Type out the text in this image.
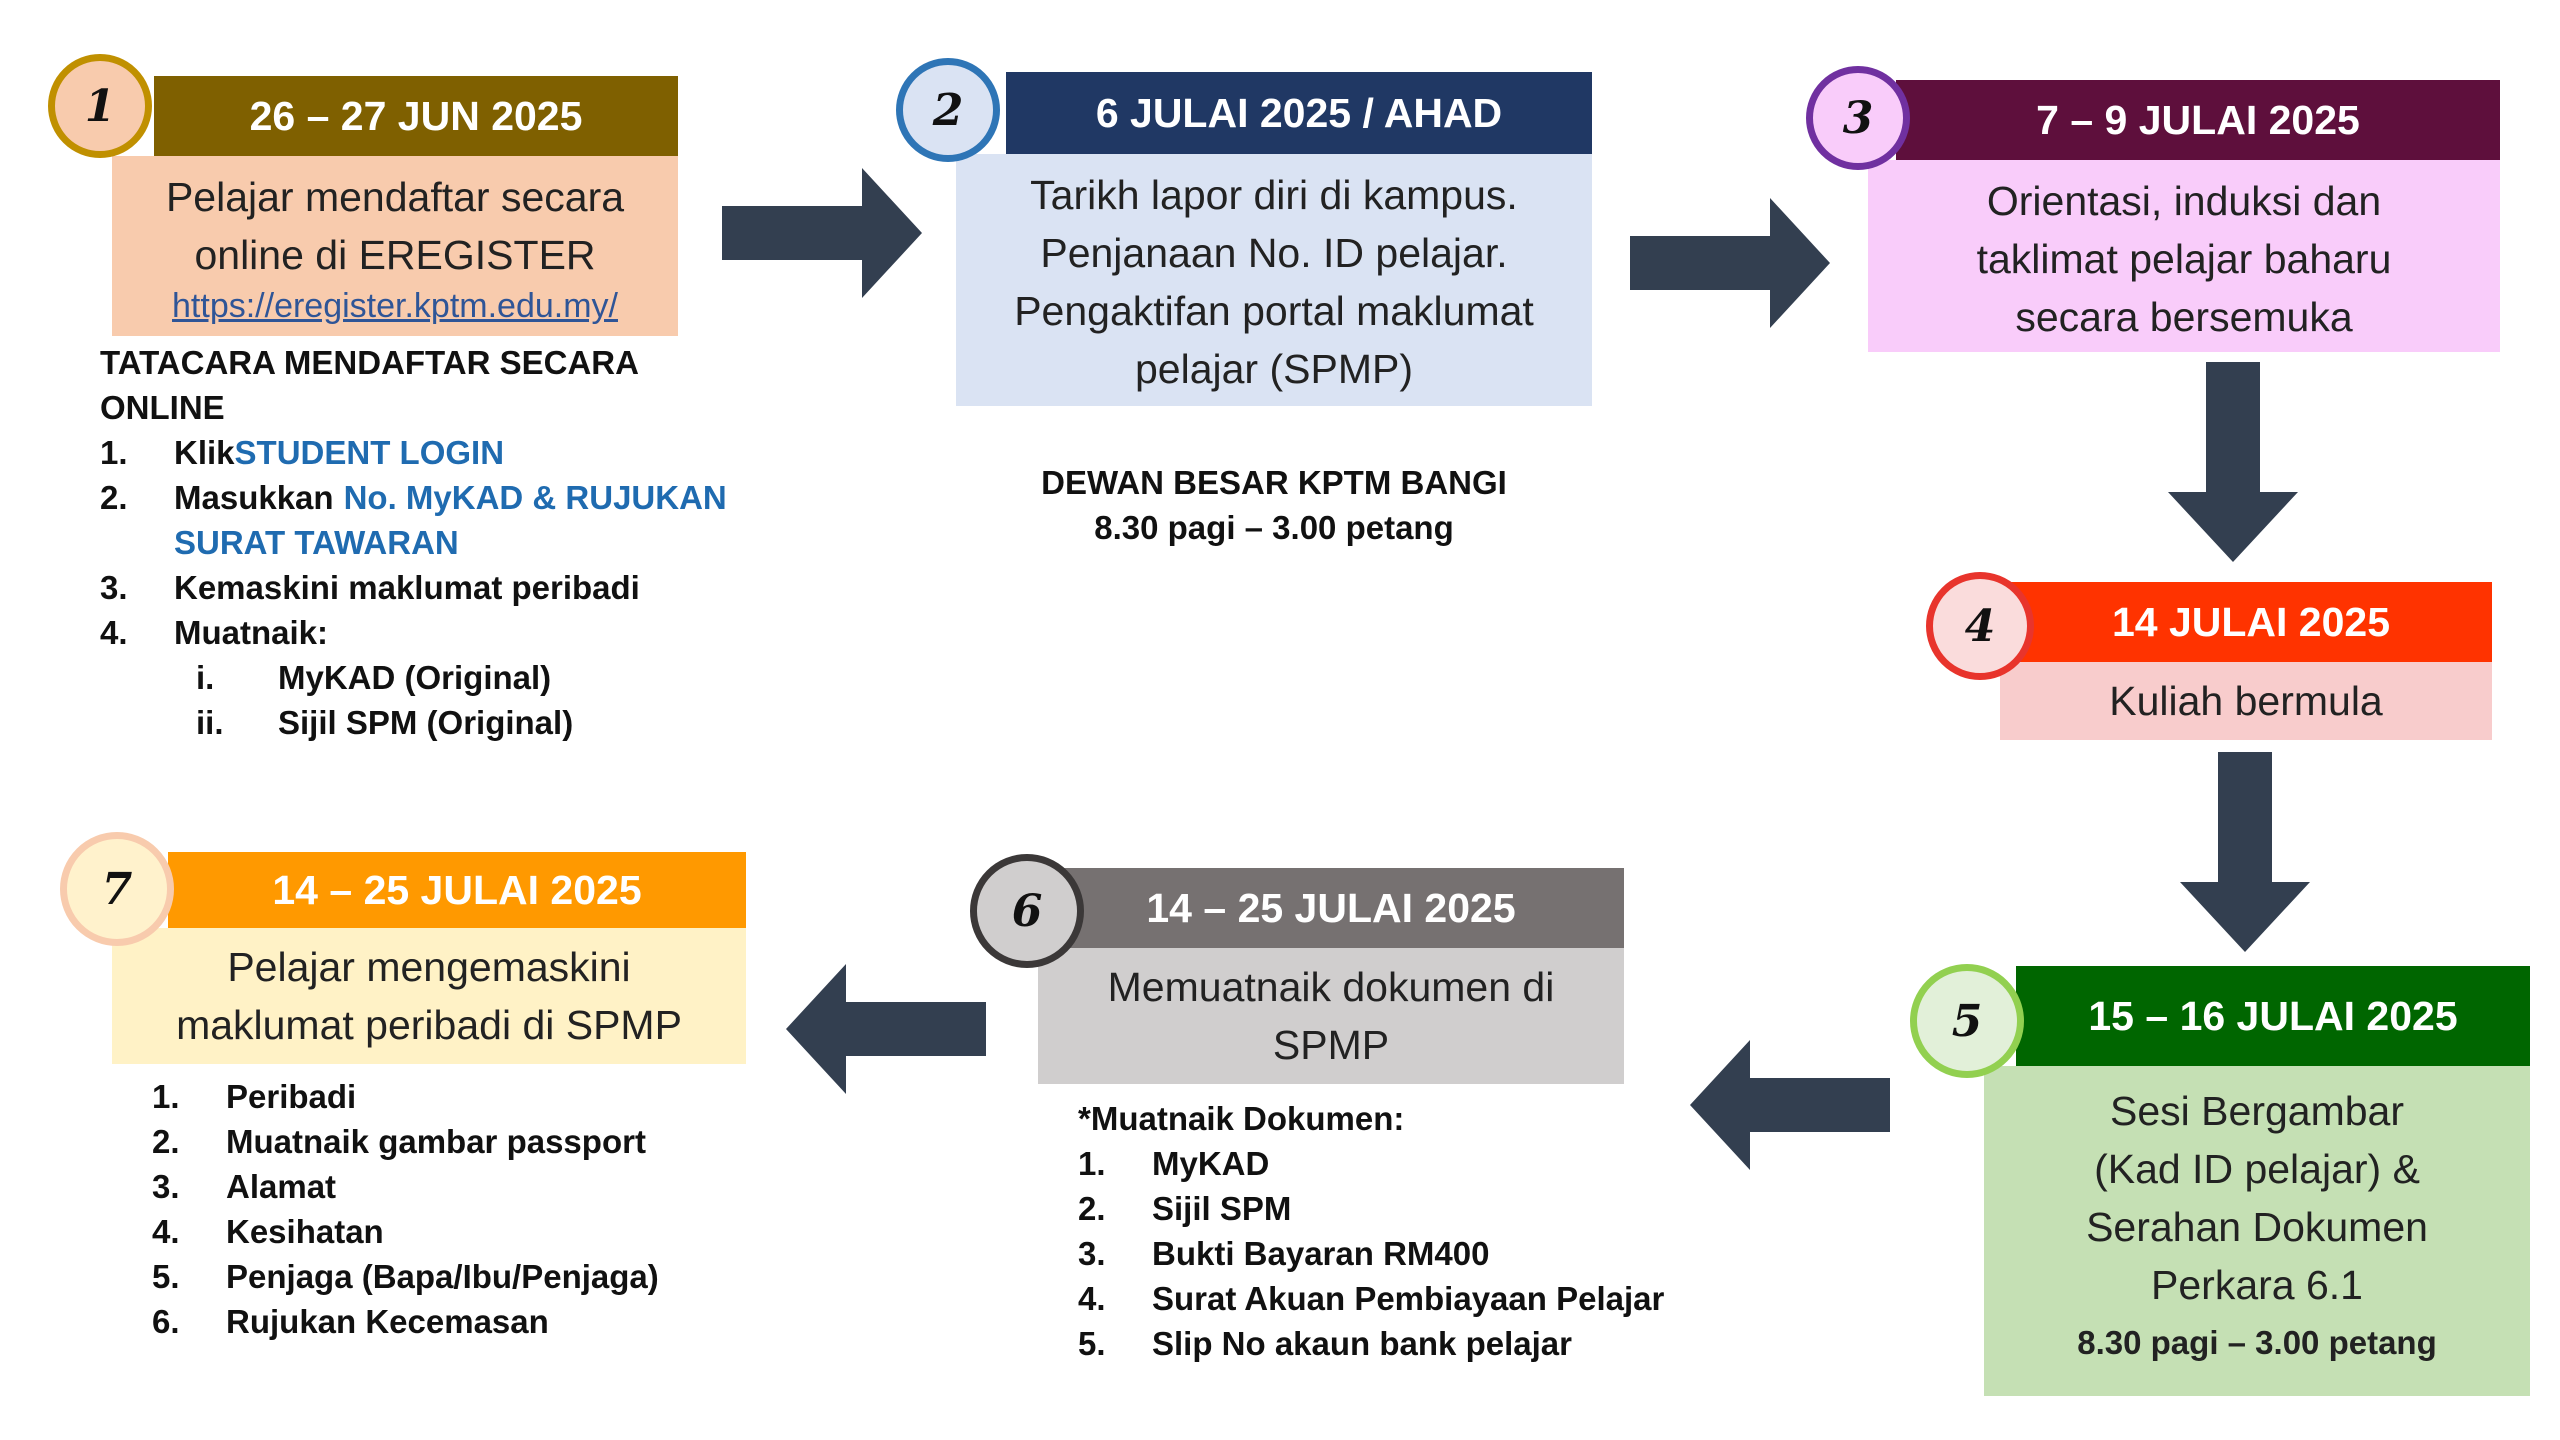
26 – 27 JUN 2025
Pelajar mendaftar secara
online di EREGISTER
https://eregister.kptm.edu.my/
1
TATACARA MENDAFTAR SECARA ONLINE
1.	Klik STUDENT LOGIN
2.	Masukkan No. MyKAD & RUJUKAN
SURAT TAWARAN
3.	Kemaskini maklumat peribadi
4.	Muatnaik:
i.	MyKAD (Original)
ii.	Sijil SPM (Original)
6 JULAI 2025 / AHAD
Tarikh lapor diri di kampus.
Penjanaan No. ID pelajar.
Pengaktifan portal maklumat
pelajar (SPMP)
2
DEWAN BESAR KPTM BANGI
8.30 pagi – 3.00 petang
7 – 9 JULAI 2025
Orientasi, induksi dan
taklimat pelajar baharu
secara bersemuka
3
14 JULAI 2025
Kuliah bermula
4
15 – 16 JULAI 2025
Sesi Bergambar
(Kad ID pelajar) &
Serahan Dokumen
Perkara 6.1
8.30 pagi – 3.00 petang
5
14 – 25 JULAI 2025
Memuatnaik dokumen di
SPMP
6
*Muatnaik Dokumen:
1.	MyKAD
2.	Sijil SPM
3.	Bukti Bayaran RM400
4.	Surat Akuan Pembiayaan Pelajar
5.	Slip No akaun bank pelajar
14 – 25 JULAI 2025
Pelajar mengemaskini
maklumat peribadi di SPMP
7
1.	Peribadi
2.	Muatnaik gambar passport
3.	Alamat
4.	Kesihatan
5.	Penjaga (Bapa/Ibu/Penjaga)
6.	Rujukan Kecemasan
